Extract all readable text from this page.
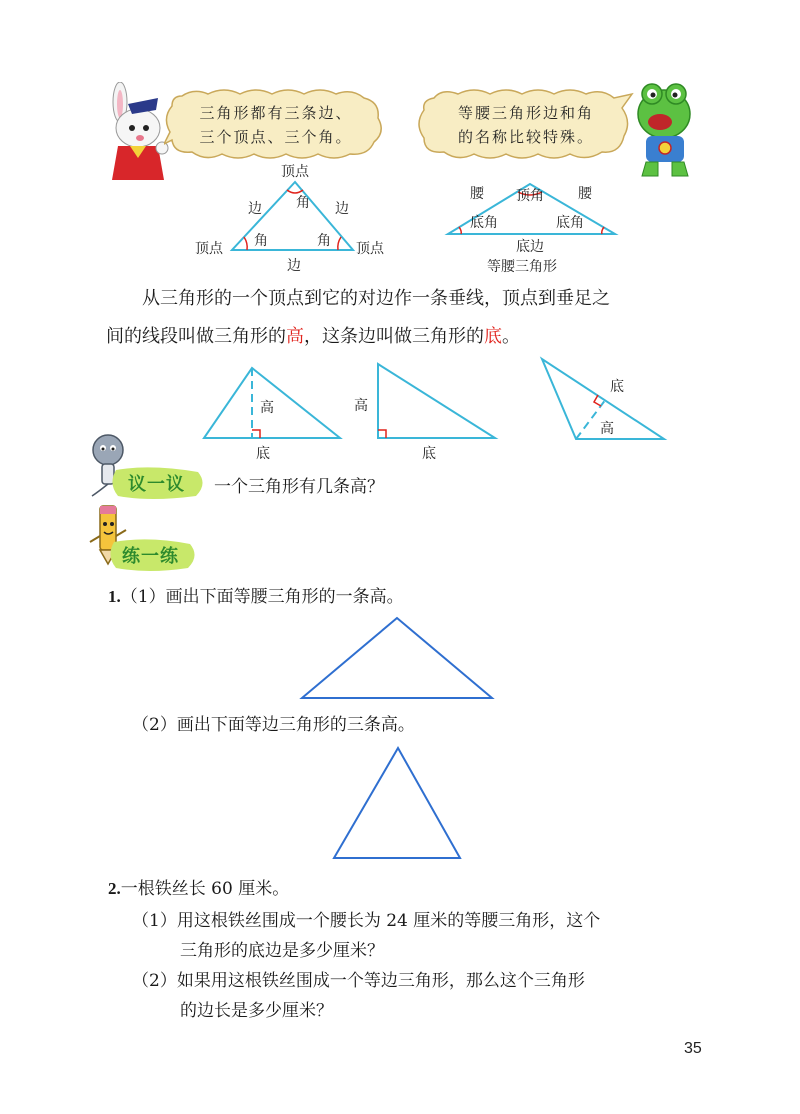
三角形都有三条边、
三个顶点、三个角。
等腰三角形边和角
的名称比较特殊。
顶点
边 角 边
顶点 角	角 顶点
边
腰 顶角 腰
底角	底角
底边
等腰三角形
从三角形的一个顶点到它的对边作一条垂线，顶点到垂足之
间的线段叫做三角形的高，这条边叫做三角形的底。
高
底
高
底
底
高
议一议 一个三角形有几条高？
练一练
1.（1）画出下面等腰三角形的一条高。
（2）画出下面等边三角形的三条高。
2.一根铁丝长 60 厘米。
（1）用这根铁丝围成一个腰长为 24 厘米的等腰三角形，这个
三角形的底边是多少厘米？
（2）如果用这根铁丝围成一个等边三角形，那么这个三角形
的边长是多少厘米？
35
